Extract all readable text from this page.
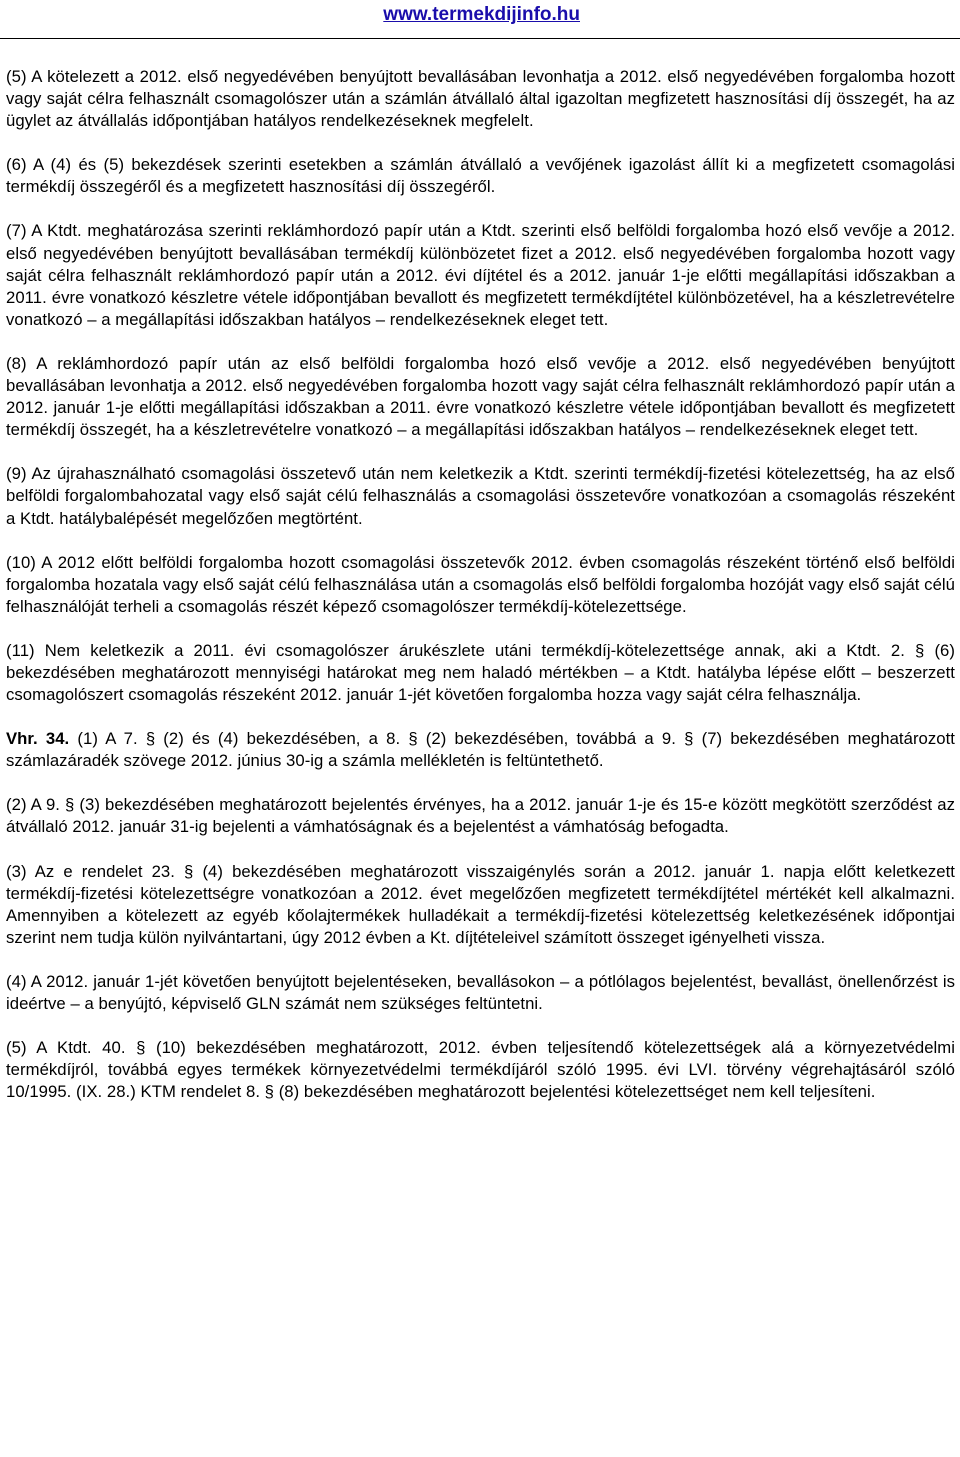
www.termekdijinfo.hu

(5) A kötelezett a 2012. első negyedévében benyújtott bevallásában levonhatja a 2012. első negyedévében forgalomba hozott vagy saját célra felhasznált csomagolószer után a számlán átvállaló által igazoltan megfizetett hasznosítási díj összegét, ha az ügylet az átvállalás időpontjában hatályos rendelkezéseknek megfelelt.

(6) A (4) és (5) bekezdések szerinti esetekben a számlán átvállaló a vevőjének igazolást állít ki a megfizetett csomagolási termékdíj összegéről és a megfizetett hasznosítási díj összegéről.

(7) A Ktdt. meghatározása szerinti reklámhordozó papír után a Ktdt. szerinti első belföldi forgalomba hozó első vevője a 2012. első negyedévében benyújtott bevallásában termékdíj különbözetet fizet a 2012. első negyedévében forgalomba hozott vagy saját célra felhasznált reklámhordozó papír után a 2012. évi díjtétel és a 2012. január 1-je előtti megállapítási időszakban a 2011. évre vonatkozó készletre vétele időpontjában bevallott és megfizetett termékdíjtétel különbözetével, ha a készletrevételre vonatkozó – a megállapítási időszakban hatályos – rendelkezéseknek eleget tett.

(8) A reklámhordozó papír után az első belföldi forgalomba hozó első vevője a 2012. első negyedévében benyújtott bevallásában levonhatja a 2012. első negyedévében forgalomba hozott vagy saját célra felhasznált reklámhordozó papír után a 2012. január 1-je előtti megállapítási időszakban a 2011. évre vonatkozó készletre vétele időpontjában bevallott és megfizetett termékdíj összegét, ha a készletrevételre vonatkozó – a megállapítási időszakban hatályos – rendelkezéseknek eleget tett.

(9) Az újrahasználható csomagolási összetevő után nem keletkezik a Ktdt. szerinti termékdíj-fizetési kötelezettség, ha az első belföldi forgalombahozatal vagy első saját célú felhasználás a csomagolási összetevőre vonatkozóan a csomagolás részeként a Ktdt. hatálybalépését megelőzően megtörtént.

(10) A 2012 előtt belföldi forgalomba hozott csomagolási összetevők 2012. évben csomagolás részeként történő első belföldi forgalomba hozatala vagy első saját célú felhasználása után a csomagolás első belföldi forgalomba hozóját vagy első saját célú felhasználóját terheli a csomagolás részét képező csomagolószer termékdíj-kötelezettsége.

(11) Nem keletkezik a 2011. évi csomagolószer árukészlete utáni termékdíj-kötelezettsége annak, aki a Ktdt. 2. § (6) bekezdésében meghatározott mennyiségi határokat meg nem haladó mértékben – a Ktdt. hatályba lépése előtt – beszerzett csomagolószert csomagolás részeként 2012. január 1-jét követően forgalomba hozza vagy saját célra felhasználja.

Vhr. 34. (1) A 7. § (2) és (4) bekezdésében, a 8. § (2) bekezdésében, továbbá a 9. § (7) bekezdésében meghatározott számlazáradék szövege 2012. június 30-ig a számla mellékletén is feltüntethető.

(2) A 9. § (3) bekezdésében meghatározott bejelentés érvényes, ha a 2012. január 1-je és 15-e között megkötött szerződést az átvállaló 2012. január 31-ig bejelenti a vámhatóságnak és a bejelentést a vámhatóság befogadta.

(3) Az e rendelet 23. § (4) bekezdésében meghatározott visszaigénylés során a 2012. január 1. napja előtt keletkezett termékdíj-fizetési kötelezettségre vonatkozóan a 2012. évet megelőzően megfizetett termékdíjtétel mértékét kell alkalmazni. Amennyiben a kötelezett az egyéb kőolajtermékek hulladékait a termékdíj-fizetési kötelezettség keletkezésének időpontjai szerint nem tudja külön nyilvántartani, úgy 2012 évben a Kt. díjtételeivel számított összeget igényelheti vissza.

(4) A 2012. január 1-jét követően benyújtott bejelentéseken, bevallásokon – a pótlólagos bejelentést, bevallást, önellenőrzést is ideértve – a benyújtó, képviselő GLN számát nem szükséges feltüntetni.

(5) A Ktdt. 40. § (10) bekezdésében meghatározott, 2012. évben teljesítendő kötelezettségek alá a környezetvédelmi termékdíjról, továbbá egyes termékek környezetvédelmi termékdíjáról szóló 1995. évi LVI. törvény végrehajtásáról szóló 10/1995. (IX. 28.) KTM rendelet 8. § (8) bekezdésében meghatározott bejelentési kötelezettséget nem kell teljesíteni.
